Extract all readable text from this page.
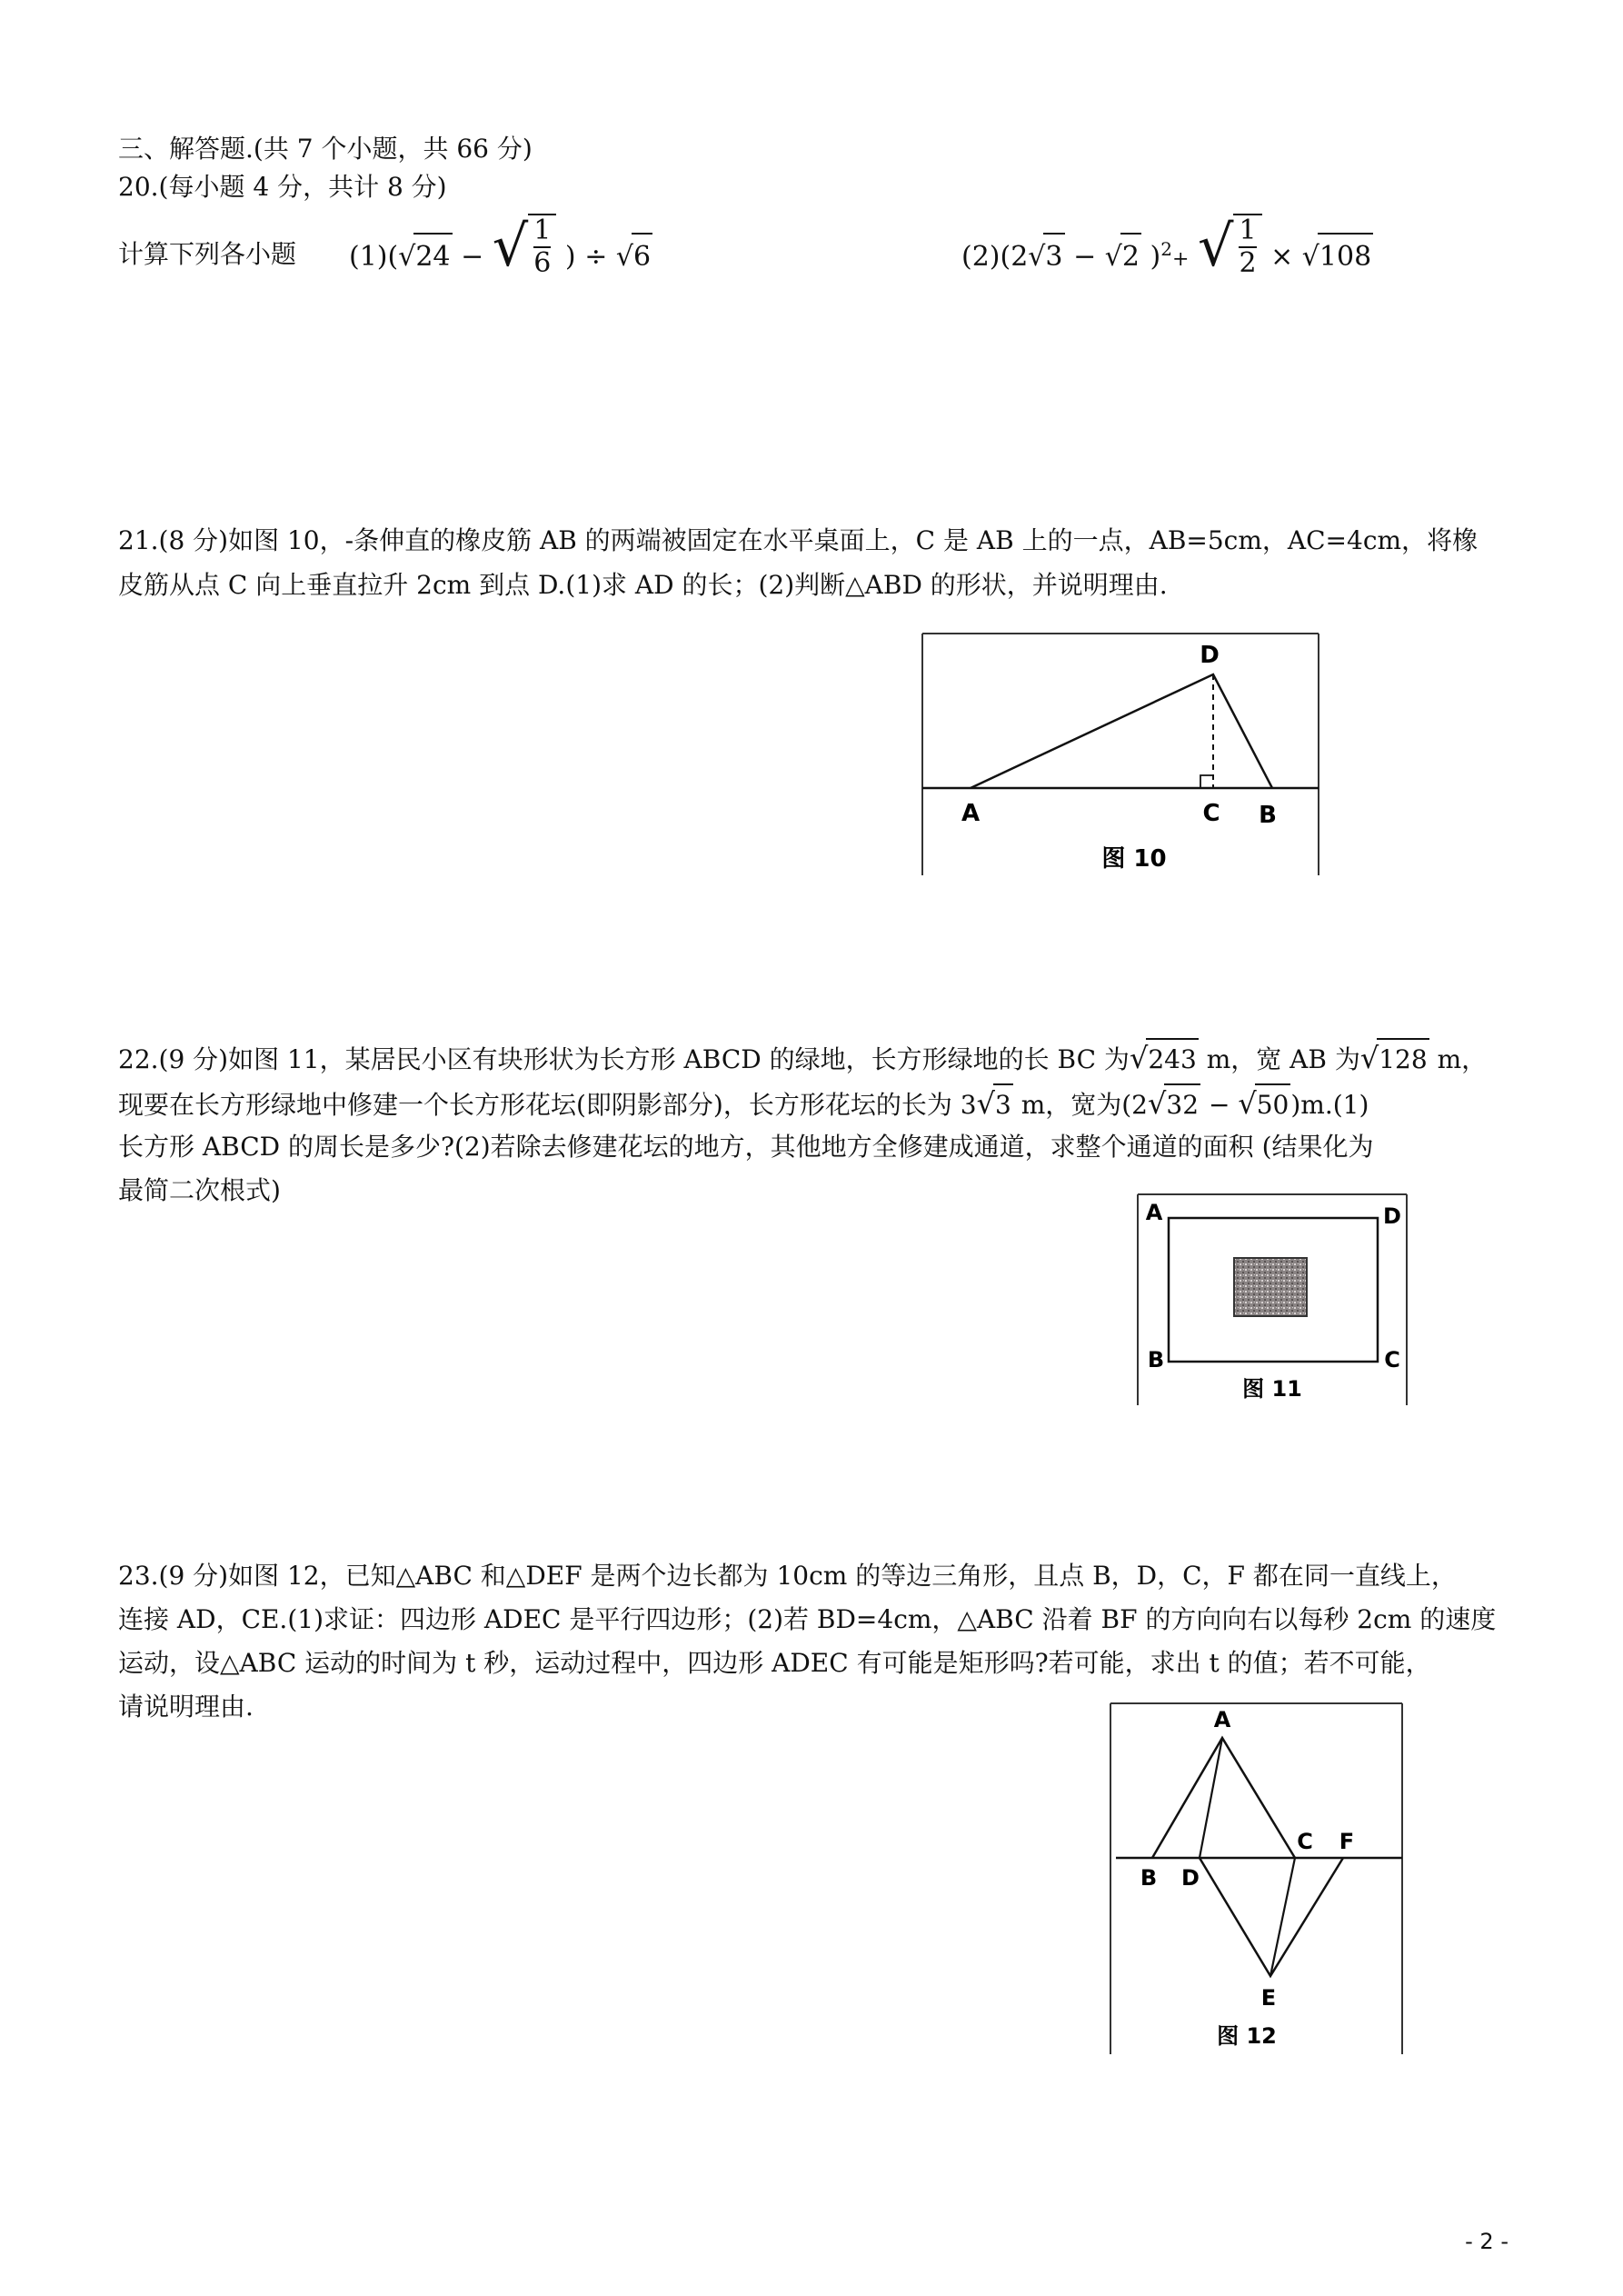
三、解答题.(共 7 个小题，共 66 分)
20.(每小题 4 分，共计 8 分)
计算下列各小题 (1)(√24 − √ $\frac{1}{6}$ ) ÷ √6	(2)(2√3 − √2 )$^2$+ √ $\frac{1}{2} \times √108$
21.(8 分)如图 10，-条伸直的橡皮筋 AB 的两端被固定在水平桌面上，C 是 AB 上的一点，AB=5cm，AC=4cm，将橡
皮筋从点 C 向上垂直拉升 2cm 到点 D.(1)求 AD 的长；(2)判断△ABD 的形状，并说明理由.
A	C B
D
图 10
22.(9 分)如图 11，某居民小区有块形状为长方形 ABCD 的绿地，长方形绿地的长 BC 为√243 m，宽 AB 为√128 m，
现要在长方形绿地中修建一个长方形花坛(即阴影部分)，长方形花坛的长为 3√3 m，宽为(2√32 − √50)m.(1)
长方形 ABCD 的周长是多少?(2)若除去修建花坛的地方，其他地方全修建成通道，求整个通道的面积 (结果化为
最简二次根式)
A	D
B	C
图 11
23.(9 分)如图 12，已知△ABC 和△DEF 是两个边长都为 10cm 的等边三角形，且点 B，D，C，F 都在同一直线上，
连接 AD，CE.(1)求证：四边形 ADEC 是平行四边形；(2)若 BD=4cm，△ABC 沿着 BF 的方向向右以每秒 2cm 的速度
运动，设△ABC 运动的时间为 t 秒，运动过程中，四边形 ADEC 有可能是矩形吗?若可能，求出 t 的值；若不可能，
请说明理由.	A
B D
C F
E
图 12
- 2 -
